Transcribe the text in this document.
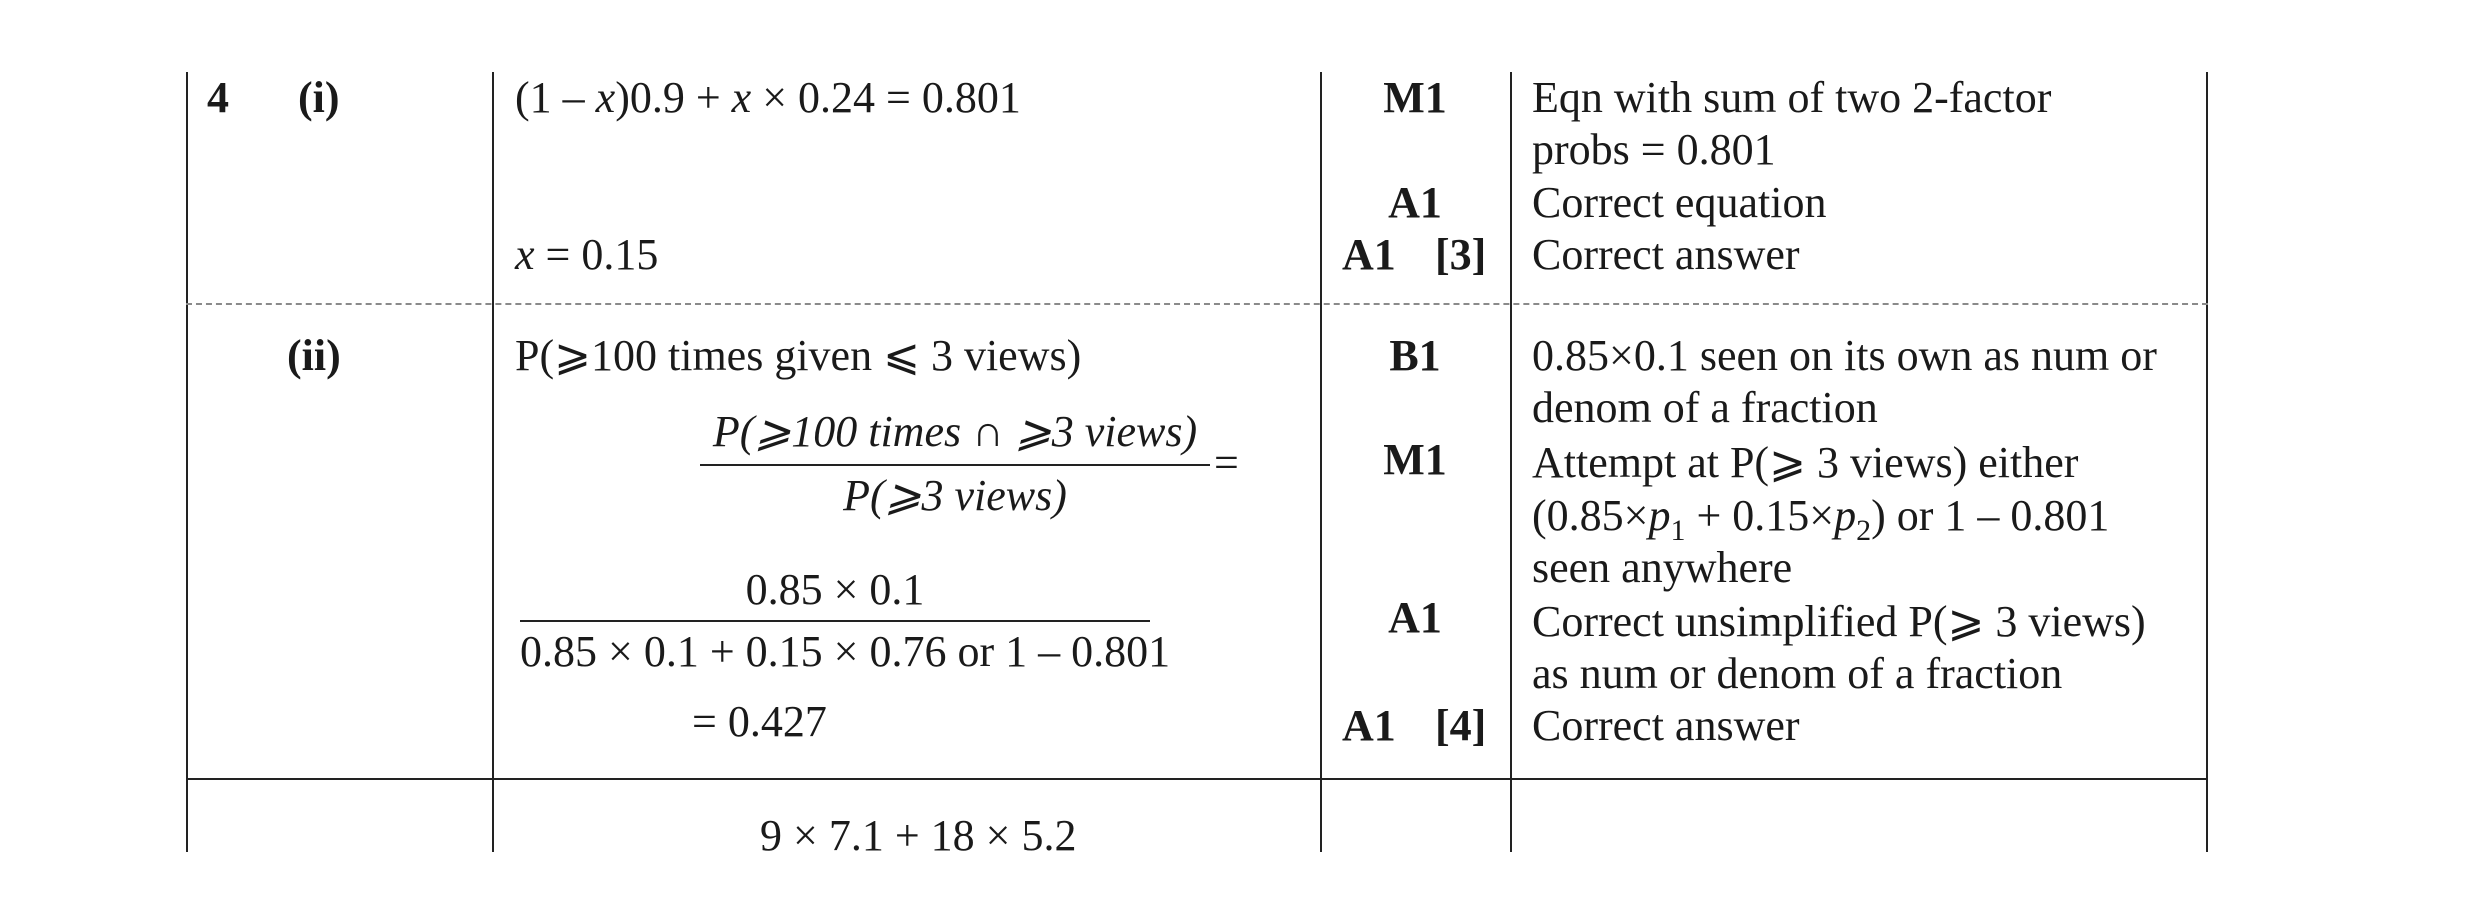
4 (i)	(1 – x)0.9 + x × 0.24 = 0.801
x = 0.15
M1
A1
A1 [3]
Eqn with sum of two 2-factor
probs = 0.801
Correct equation
Correct answer
(ii)	P(⩾100 times given ⩽ 3 views)
P(⩾100 times ∩ ⩾3 views)
P(⩾3 views)
=
0.85 × 0.1
0.85 × 0.1 + 0.15 × 0.76 or 1 – 0.801
= 0.427
B1
M1
A1
A1 [4]
0.85×0.1 seen on its own as num or
denom of a fraction
Attempt at P(⩾ 3 views) either
$(0.85\times p_1 + 0.15\times p_2)$ or 1 – 0.801
seen anywhere
Correct unsimplified P(⩾ 3 views)
as num or denom of a fraction
Correct answer
9 × 7.1 + 18 × 5.2
